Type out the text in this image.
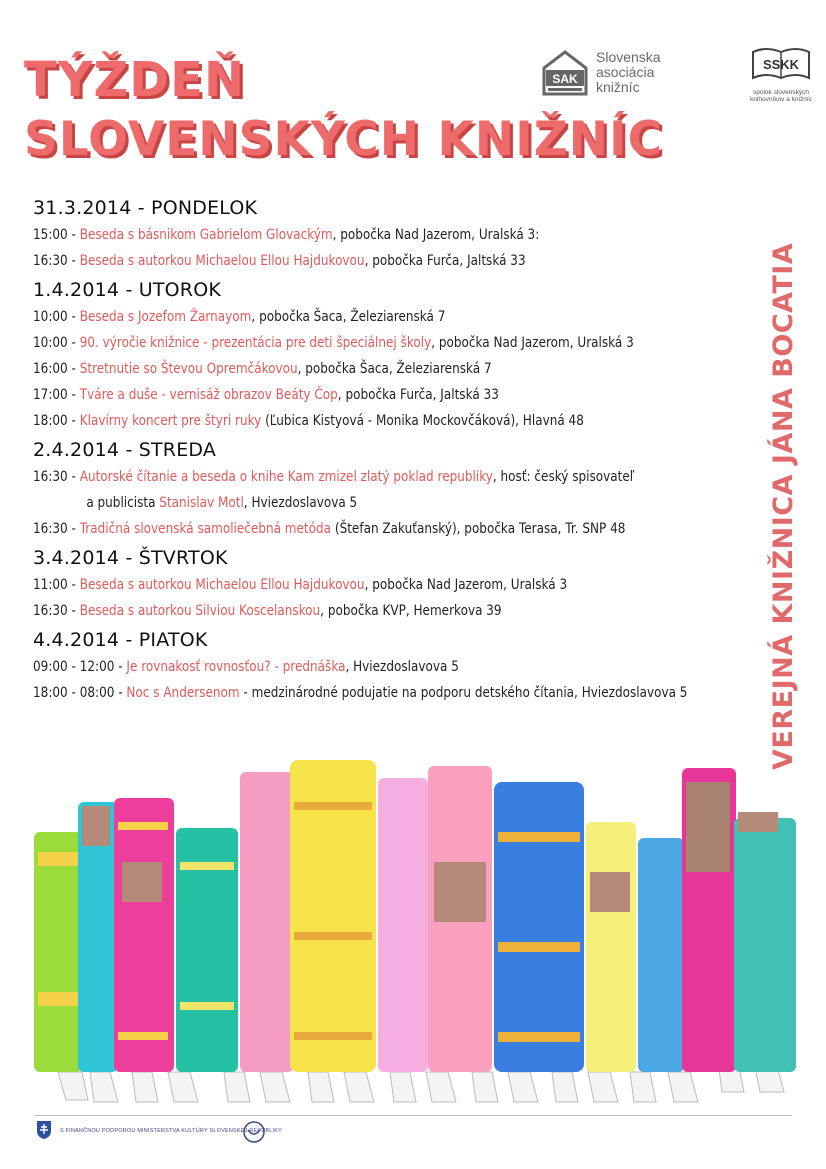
TÝŽDEŇ
SLOVENSKÝCH KNIŽNÍC
SAK
Slovenska
asociácia
knižníc
SSKK
spolok slovenských
knihovníkov a knižníc
VEREJNÁ KNIŽNICA JÁNA BOCATIA
31.3.2014 - PONDELOK
15:00 - Beseda s básnikom Gabrielom Glovackým, pobočka Nad Jazerom, Uralská 3:
16:30 - Beseda s autorkou Michaelou Ellou Hajdukovou, pobočka Furča, Jaltská 33
1.4.2014 - UTOROK
10:00 - Beseda s Jozefom Žarnayom, pobočka Šaca, Železiarenská 7
10:00 - 90. výročie knižnice - prezentácia pre deti špeciálnej školy, pobočka Nad Jazerom, Uralská 3
16:00 - Stretnutie so Števou Opremčákovou, pobočka Šaca, Železiarenská 7
17:00 - Tváre a duše - vernisáž obrazov Beáty Čop, pobočka Furča, Jaltská 33
18:00 - Klavírny koncert pre štyri ruky (Ľubica Kistyová - Monika Mockovčáková), Hlavná 48
2.4.2014 - STREDA
16:30 - Autorské čítanie a beseda o knihe Kam zmizel zlatý poklad republiky, hosť: český spisovateľ
a publicista Stanislav Motl, Hviezdoslavova 5
16:30 - Tradičná slovenská samoliečebná metóda (Štefan Zakuťanský), pobočka Terasa, Tr. SNP 48
3.4.2014 - ŠTVRTOK
11:00 - Beseda s autorkou Michaelou Ellou Hajdukovou, pobočka Nad Jazerom, Uralská 3
16:30 - Beseda s autorkou Silviou Koscelanskou, pobočka KVP, Hemerkova 39
4.4.2014 - PIATOK
09:00 - 12:00 - Je rovnakosť rovnosťou? - prednáška, Hviezdoslavova 5
18:00 - 08:00 - Noc s Andersenom - medzinárodné podujatie na podporu detského čítania, Hviezdoslavova 5
S FINANČNOU PODPOROU MINISTERSTVA KULTÚRY SLOVENSKEJ REPUBLIKY
